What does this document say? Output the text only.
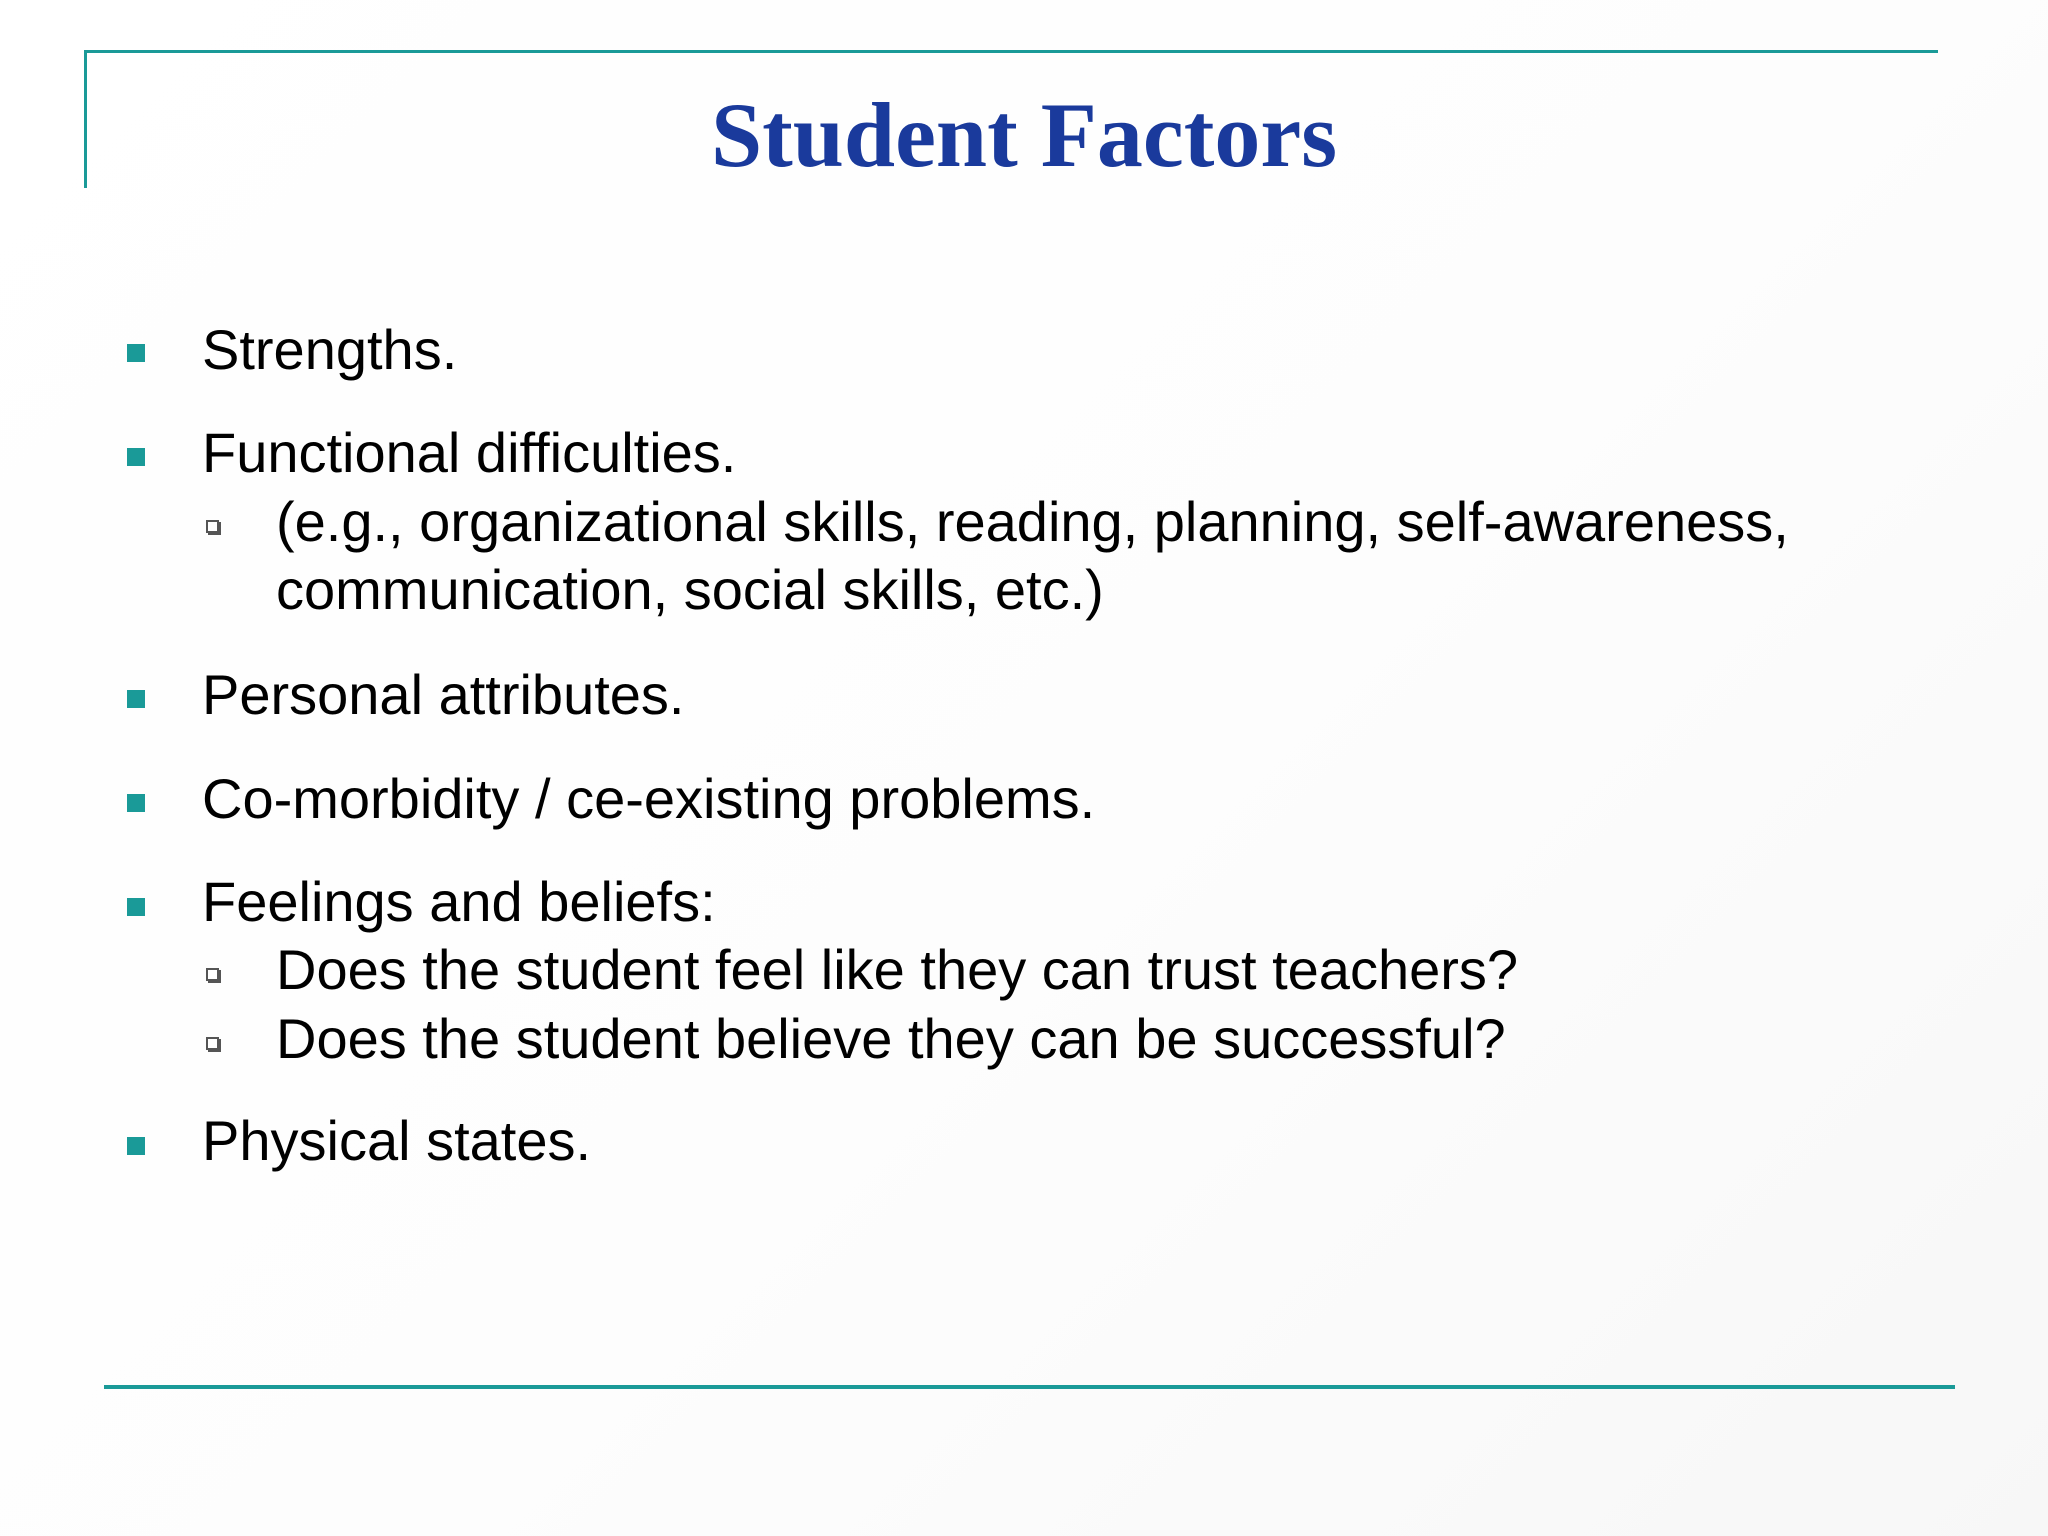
Student Factors
Strengths.
Functional difficulties.
(e.g., organizational skills, reading, planning, self-awareness, communication, social skills, etc.)
Personal attributes.
Co-morbidity / ce-existing problems.
Feelings and beliefs:
Does the student feel like they can trust teachers?
Does the student believe they can be successful?
Physical states.
